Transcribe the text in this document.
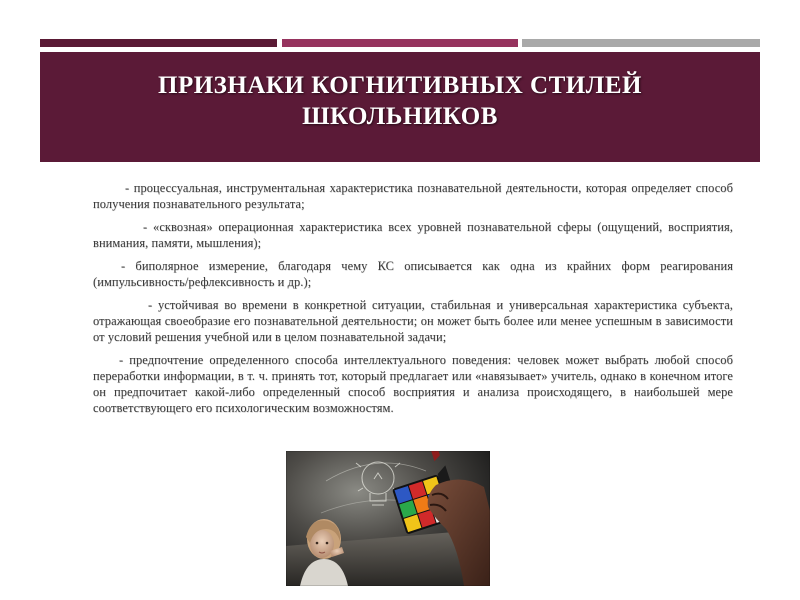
ПРИЗНАКИ КОГНИТИВНЫХ СТИЛЕЙ
ШКОЛЬНИКОВ

- процессуальная, инструментальная характеристика познавательной деятельности, которая определяет способ получения познавательного результата;

- «сквозная» операционная характеристика всех уровней познавательной сферы (ощущений, восприятия, внимания, памяти, мышления);

- биполярное измерение, благодаря чему КС описывается как одна из крайних форм реагирования (импульсивность/рефлексивность и др.);

- устойчивая во времени в конкретной ситуации, стабильная и универсальная характеристика субъекта, отражающая своеобразие его познавательной деятельности; он может быть более или менее успешным в зависимости от условий решения учебной или в целом познавательной задачи;

- предпочтение определенного способа интеллектуального поведения: человек может выбрать любой способ переработки информации, в т. ч. принять тот, который предлагает или «навязывает» учитель, однако в конечном итоге он предпочитает какой-либо определенный способ восприятия и анализа происходящего, в наибольшей мере соответствующего его психологическим возможностям.
